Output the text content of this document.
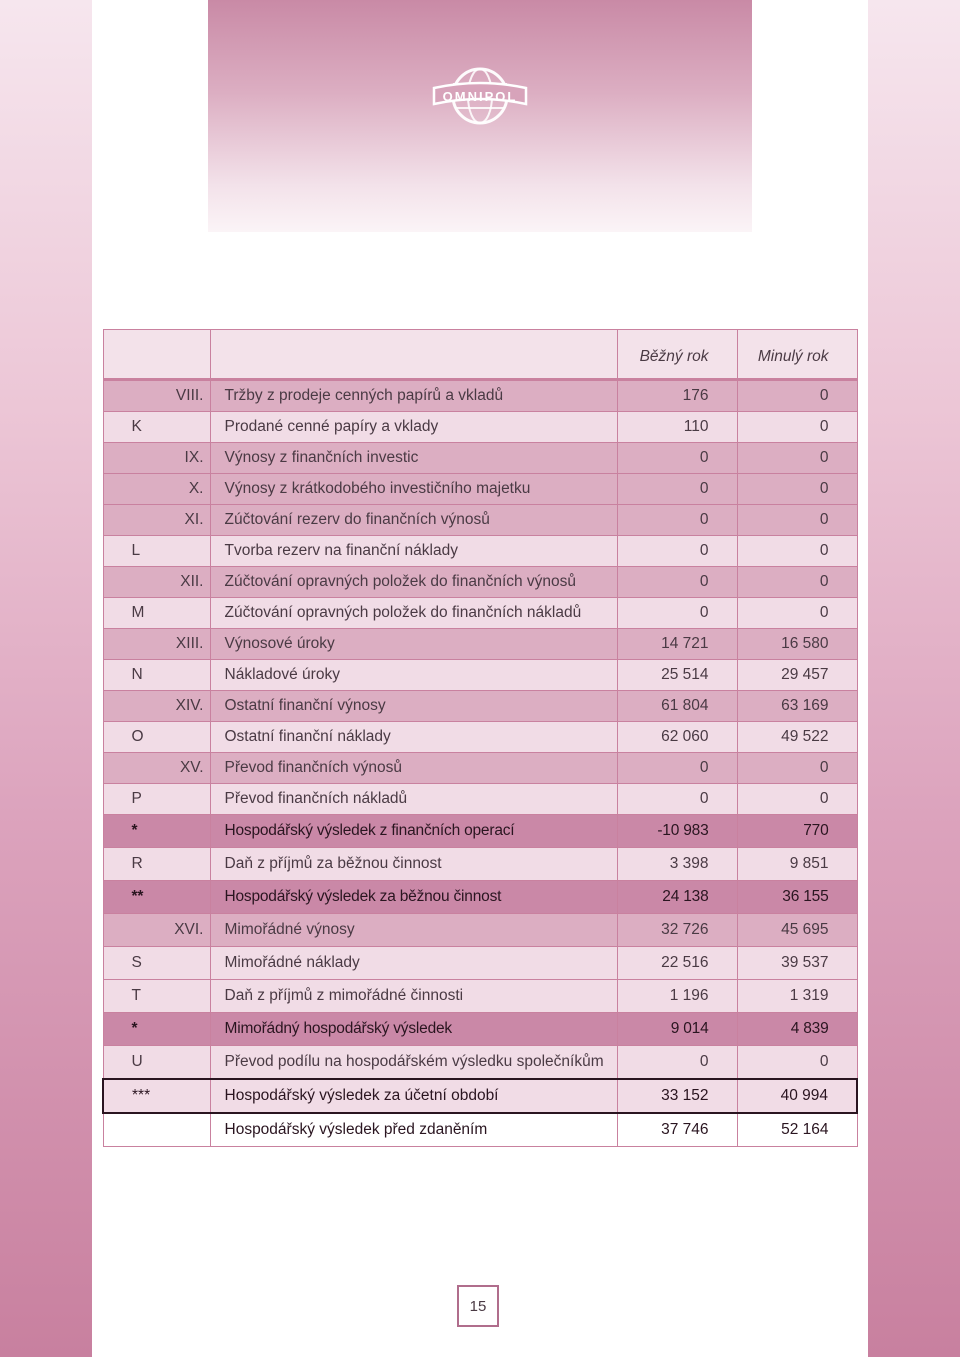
OMNIPOL
		Běžný rok	Minulý rok
VIII.	Tržby z prodeje cenných papírů a vkladů	176	0
K	Prodané cenné papíry a vklady	110	0
IX.	Výnosy z finančních investic	0	0
X.	Výnosy z krátkodobého investičního majetku	0	0
XI.	Zúčtování rezerv do finančních výnosů	0	0
L	Tvorba rezerv na finanční náklady	0	0
XII.	Zúčtování opravných položek do finančních výnosů	0	0
M	Zúčtování opravných položek do finančních nákladů	0	0
XIII.	Výnosové úroky	14 721	16 580
N	Nákladové úroky	25 514	29 457
XIV.	Ostatní finanční výnosy	61 804	63 169
O	Ostatní finanční náklady	62 060	49 522
XV.	Převod finančních výnosů	0	0
P	Převod finančních nákladů	0	0
*	Hospodářský výsledek z finančních operací	-10 983	770
R	Daň z příjmů za běžnou činnost	3 398	9 851
**	Hospodářský výsledek za běžnou činnost	24 138	36 155
XVI.	Mimořádné výnosy	32 726	45 695
S	Mimořádné náklady	22 516	39 537
T	Daň z příjmů z mimořádné činnosti	1 196	1 319
*	Mimořádný hospodářský výsledek	9 014	4 839
U	Převod podílu na hospodářském výsledku společníkům	0	0
***	Hospodářský výsledek za účetní období	33 152	40 994
	Hospodářský výsledek před zdaněním	37 746	52 164
15
